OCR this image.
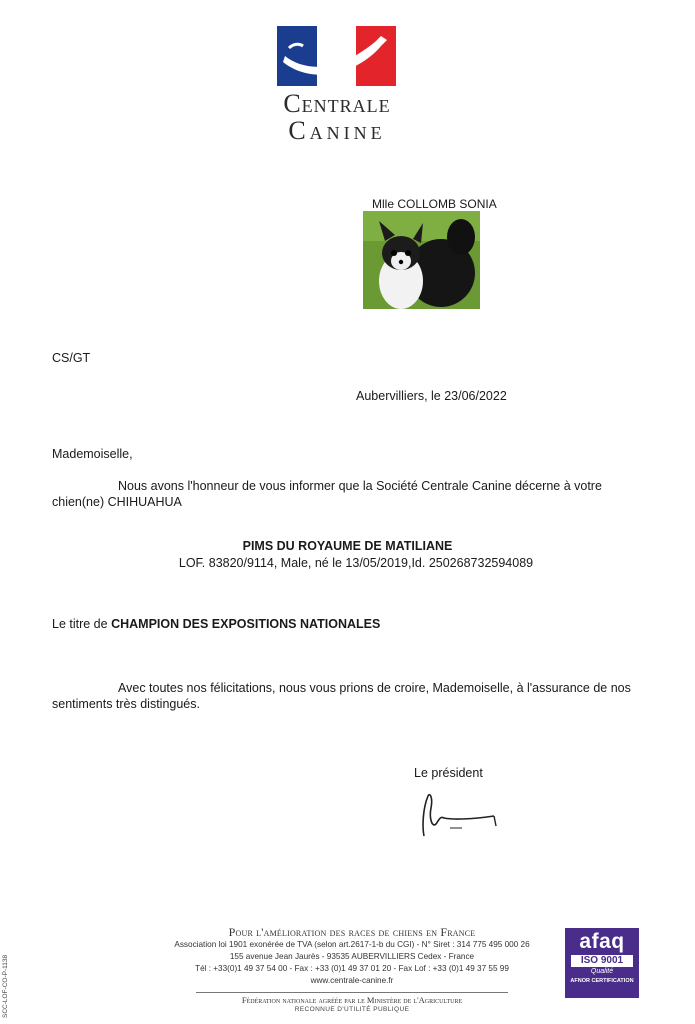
Centrale
Canine
Mlle COLLOMB SONIA
CS/GT
Aubervilliers, le 23/06/2022
Mademoiselle,
Nous avons l'honneur de vous informer que la Société Centrale Canine décerne à votre chien(ne) CHIHUAHUA
PIMS DU ROYAUME DE MATILIANE
LOF. 83820/9114, Male, né le 13/05/2019,Id. 250268732594089
Le titre de CHAMPION DES EXPOSITIONS NATIONALES
Avec toutes nos félicitations, nous vous prions de croire, Mademoiselle, à l'assurance de nos sentiments très distingués.
Le président
Pour l'amélioration des races de chiens en France
Association loi 1901 exonérée de TVA (selon art.2617-1-b du CGI) - N° Siret : 314 775 495 000 26
155 avenue Jean Jaurès - 93535 AUBERVILLIERS Cedex - France
Tél : +33(0)1 49 37 54 00 - Fax : +33 (0)1 49 37 01 20 - Fax Lof : +33 (0)1 49 37 55 99
www.centrale-canine.fr
Fédération nationale agréée par le Ministère de l'Agriculture
RECONNUE D'UTILITÉ PUBLIQUE
SCC-LOF-CO-P-1138
afaq
ISO 9001
Qualité
AFNOR CERTIFICATION
